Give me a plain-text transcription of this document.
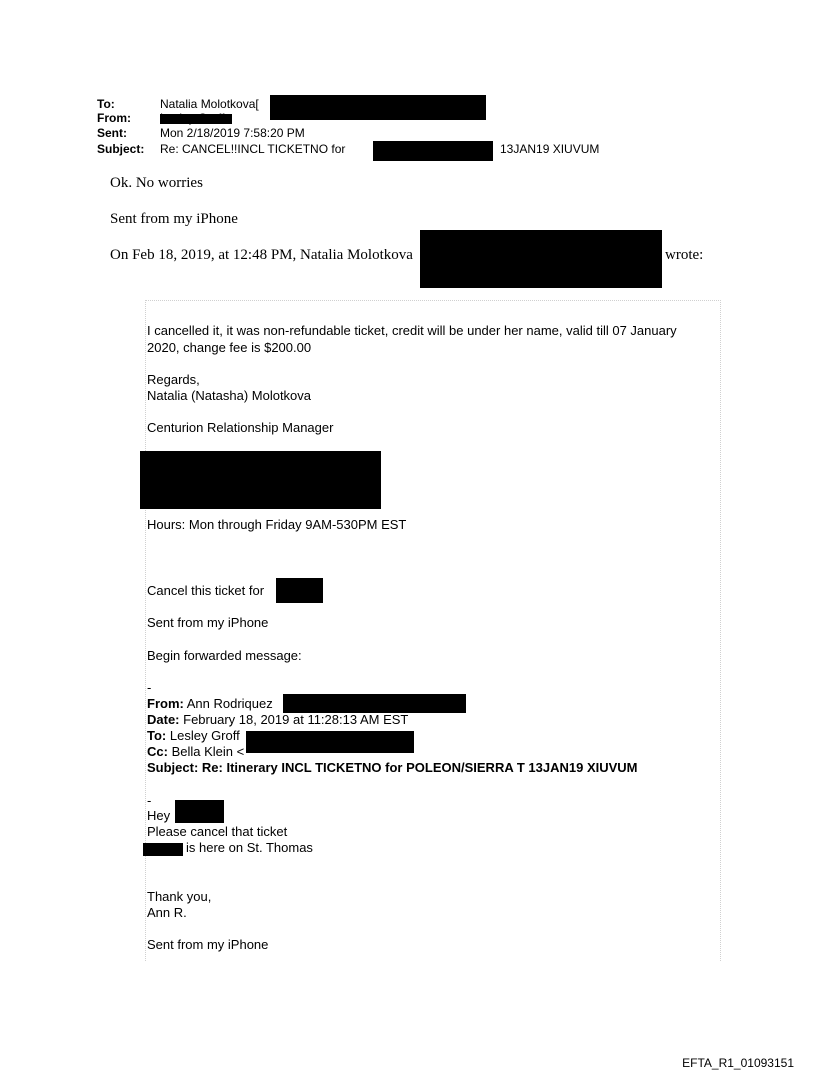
To:	Natalia Molotkova[
From:
Sent:	Mon 2/18/2019 7:58:20 PM
Subject: Re: CANCEL!!INCL TICKETNO for	13JAN19 XIUVUM
Ok. No worries
Sent from my iPhone
On Feb 18, 2019, at 12:48 PM, Natalia Molotkova	wrote:
I cancelled it, it was non-refundable ticket, credit will be under her name, valid till 07 January
2020, change fee is $200.00
Regards,
Natalia (Natasha) Molotkova
Centurion Relationship Manager
Hours: Mon through Friday 9AM-530PM EST
Cancel this ticket for
Sent from my iPhone
Begin forwarded message:
-
From: Ann Rodriquez
Date: February 18, 2019 at 11:28:13 AM EST
To: Lesley Groff
Cc: Bella Klein <
Subject: Re: Itinerary INCL TICKETNO for POLEON/SIERRA T 13JAN19 XIUVUM
-
Hey
Please cancel that ticket
is here on St. Thomas
Thank you,
Ann R.
Sent from my iPhone
EFTA_R1_01093151
